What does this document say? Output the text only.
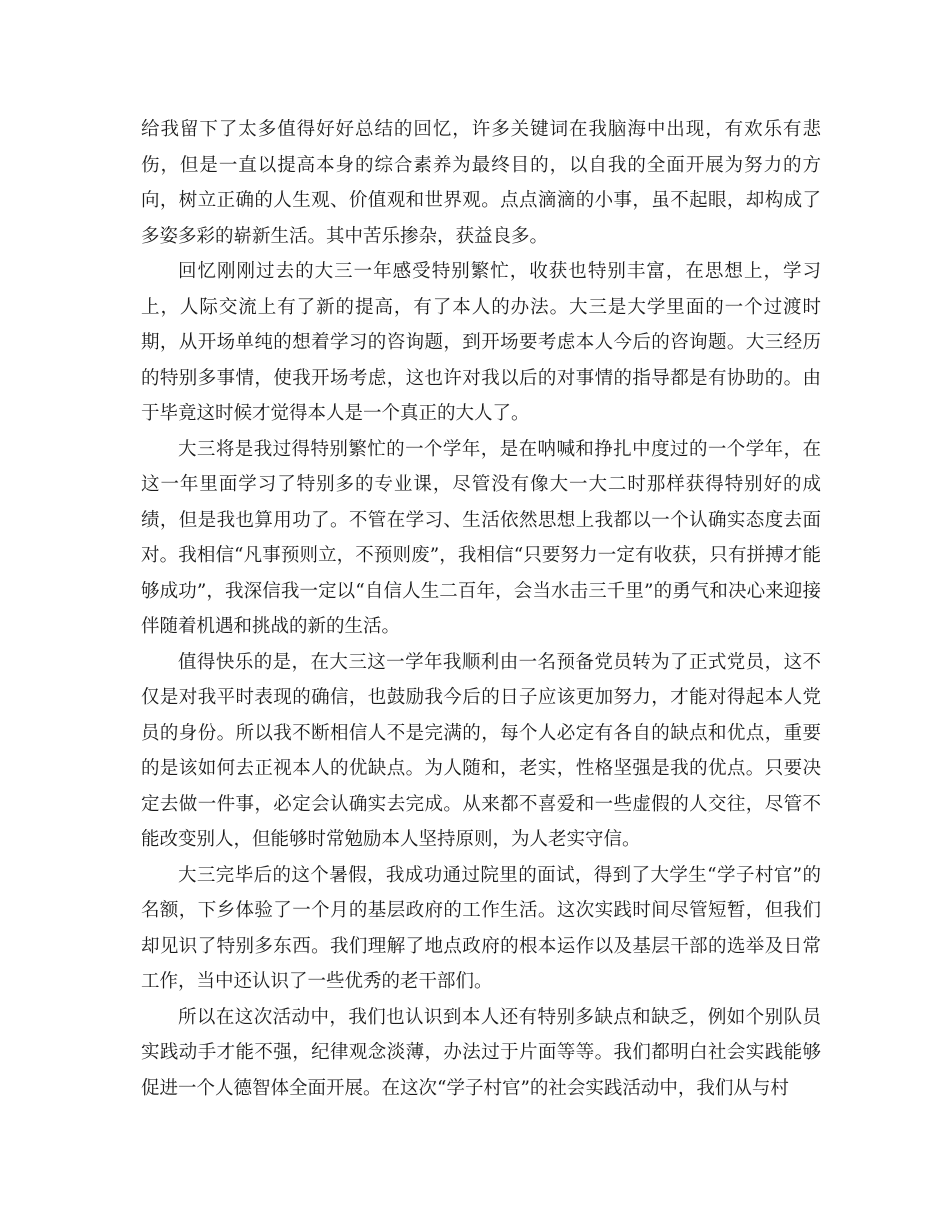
给我留下了太多值得好好总结的回忆，许多关键词在我脑海中出现，有欢乐有悲伤，但是一直以提高本身的综合素养为最终目的，以自我的全面开展为努力的方向，树立正确的人生观、价值观和世界观。点点滴滴的小事，虽不起眼，却构成了多姿多彩的崭新生活。其中苦乐掺杂，获益良多。

回忆刚刚过去的大三一年感受特别繁忙，收获也特别丰富，在思想上，学习上，人际交流上有了新的提高，有了本人的办法。大三是大学里面的一个过渡时期，从开场单纯的想着学习的咨询题，到开场要考虑本人今后的咨询题。大三经历的特别多事情，使我开场考虑，这也许对我以后的对事情的指导都是有协助的。由于毕竟这时候才觉得本人是一个真正的大人了。

大三将是我过得特别繁忙的一个学年，是在呐喊和挣扎中度过的一个学年，在这一年里面学习了特别多的专业课，尽管没有像大一大二时那样获得特别好的成绩，但是我也算用功了。不管在学习、生活依然思想上我都以一个认确实态度去面对。我相信“凡事预则立，不预则废”，我相信“只要努力一定有收获，只有拼搏才能够成功”，我深信我一定以“自信人生二百年，会当水击三千里”的勇气和决心来迎接伴随着机遇和挑战的新的生活。

值得快乐的是，在大三这一学年我顺利由一名预备党员转为了正式党员，这不仅是对我平时表现的确信，也鼓励我今后的日子应该更加努力，才能对得起本人党员的身份。所以我不断相信人不是完满的，每个人必定有各自的缺点和优点，重要的是该如何去正视本人的优缺点。为人随和，老实，性格坚强是我的优点。只要决定去做一件事，必定会认确实去完成。从来都不喜爱和一些虚假的人交往，尽管不能改变别人，但能够时常勉励本人坚持原则，为人老实守信。

大三完毕后的这个暑假，我成功通过院里的面试，得到了大学生“学子村官”的名额，下乡体验了一个月的基层政府的工作生活。这次实践时间尽管短暂，但我们却见识了特别多东西。我们理解了地点政府的根本运作以及基层干部的选举及日常工作，当中还认识了一些优秀的老干部们。

所以在这次活动中，我们也认识到本人还有特别多缺点和缺乏，例如个别队员实践动手才能不强，纪律观念淡薄，办法过于片面等等。我们都明白社会实践能够促进一个人德智体全面开展。在这次“学子村官”的社会实践活动中，我们从与村
